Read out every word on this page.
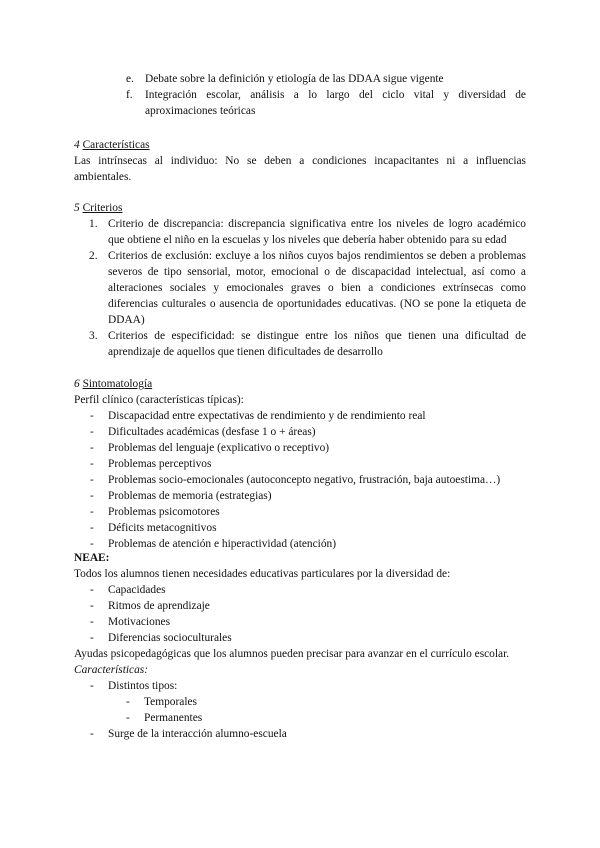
e. Debate sobre la definición y etiología de las DDAA sigue vigente
f. Integración escolar, análisis a lo largo del ciclo vital y diversidad de aproximaciones teóricas
4 Características
Las intrínsecas al individuo: No se deben a condiciones incapacitantes ni a influencias ambientales.
5 Criterios
1. Criterio de discrepancia: discrepancia significativa entre los niveles de logro académico que obtiene el niño en la escuelas y los niveles que debería haber obtenido para su edad
2. Criterios de exclusión: excluye a los niños cuyos bajos rendimientos se deben a problemas severos de tipo sensorial, motor, emocional o de discapacidad intelectual, así como a alteraciones sociales y emocionales graves o bien a condiciones extrínsecas como diferencias culturales o ausencia de oportunidades educativas. (NO se pone la etiqueta de DDAA)
3. Criterios de especificidad: se distingue entre los niños que tienen una dificultad de aprendizaje de aquellos que tienen dificultades de desarrollo
6 Sintomatología
Perfil clínico (características típicas):
- Discapacidad entre expectativas de rendimiento y de rendimiento real
- Dificultades académicas (desfase 1 o + áreas)
- Problemas del lenguaje (explicativo o receptivo)
- Problemas perceptivos
- Problemas socio-emocionales (autoconcepto negativo, frustración, baja autoestima…)
- Problemas de memoria (estrategias)
- Problemas psicomotores
- Déficits metacognitivos
- Problemas de atención e hiperactividad (atención)
NEAE:
Todos los alumnos tienen necesidades educativas particulares por la diversidad de:
- Capacidades
- Ritmos de aprendizaje
- Motivaciones
- Diferencias socioculturales
Ayudas psicopedagógicas que los alumnos pueden precisar para avanzar en el currículo escolar.
Características:
- Distintos tipos:
- Temporales
- Permanentes
- Surge de la interacción alumno-escuela
